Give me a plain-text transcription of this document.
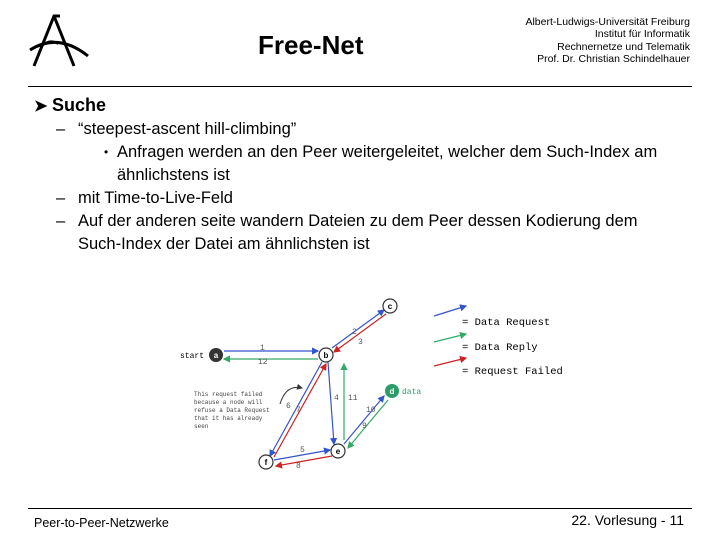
Free-Net
Albert-Ludwigs-Universität Freiburg
Institut für Informatik
Rechnernetze und Telematik
Prof. Dr. Christian Schindelhauer
➤ Suche
– “steepest-ascent hill-climbing”
• Anfragen werden an den Peer weitergeleitet, welcher dem Such-Index am ähnlichstens ist
– mit Time-to-Live-Feld
– Auf der anderen seite wandern Dateien zu dem Peer dessen Kodierung dem Such-Index der Datei am ähnlichsten ist
1
12
2
3
6 7
4 11
10
9
5
8
start a	b
c
d
e
f
data
This request failed
because a node will
refuse a Data Request
that it has already
seen
= Data Request
= Data Reply
= Request Failed
Peer-to-Peer-Netzwerke	22. Vorlesung - 11
